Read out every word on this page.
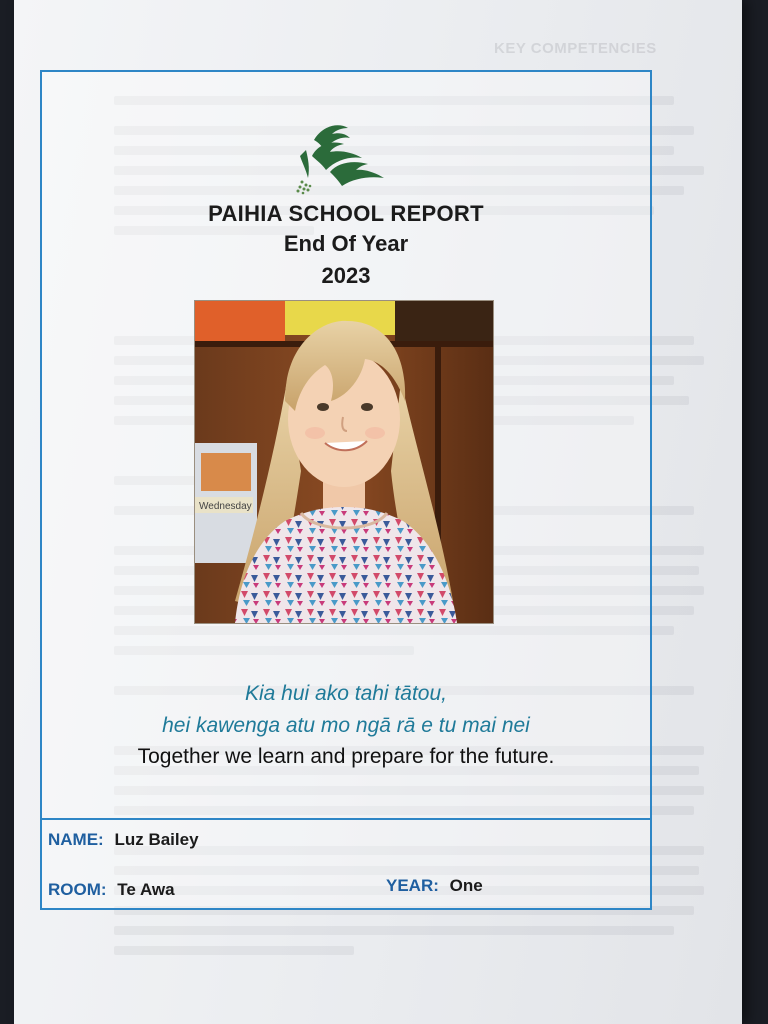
KEY COMPETENCIES
PAIHIA SCHOOL REPORT
End Of Year
2023
Wednesday
Kia hui ako tahi tātou,
hei kawenga atu mo ngā rā e tu mai nei
Together we learn and prepare for the future.
NAME: Luz Bailey
ROOM: Te Awa	YEAR: One
